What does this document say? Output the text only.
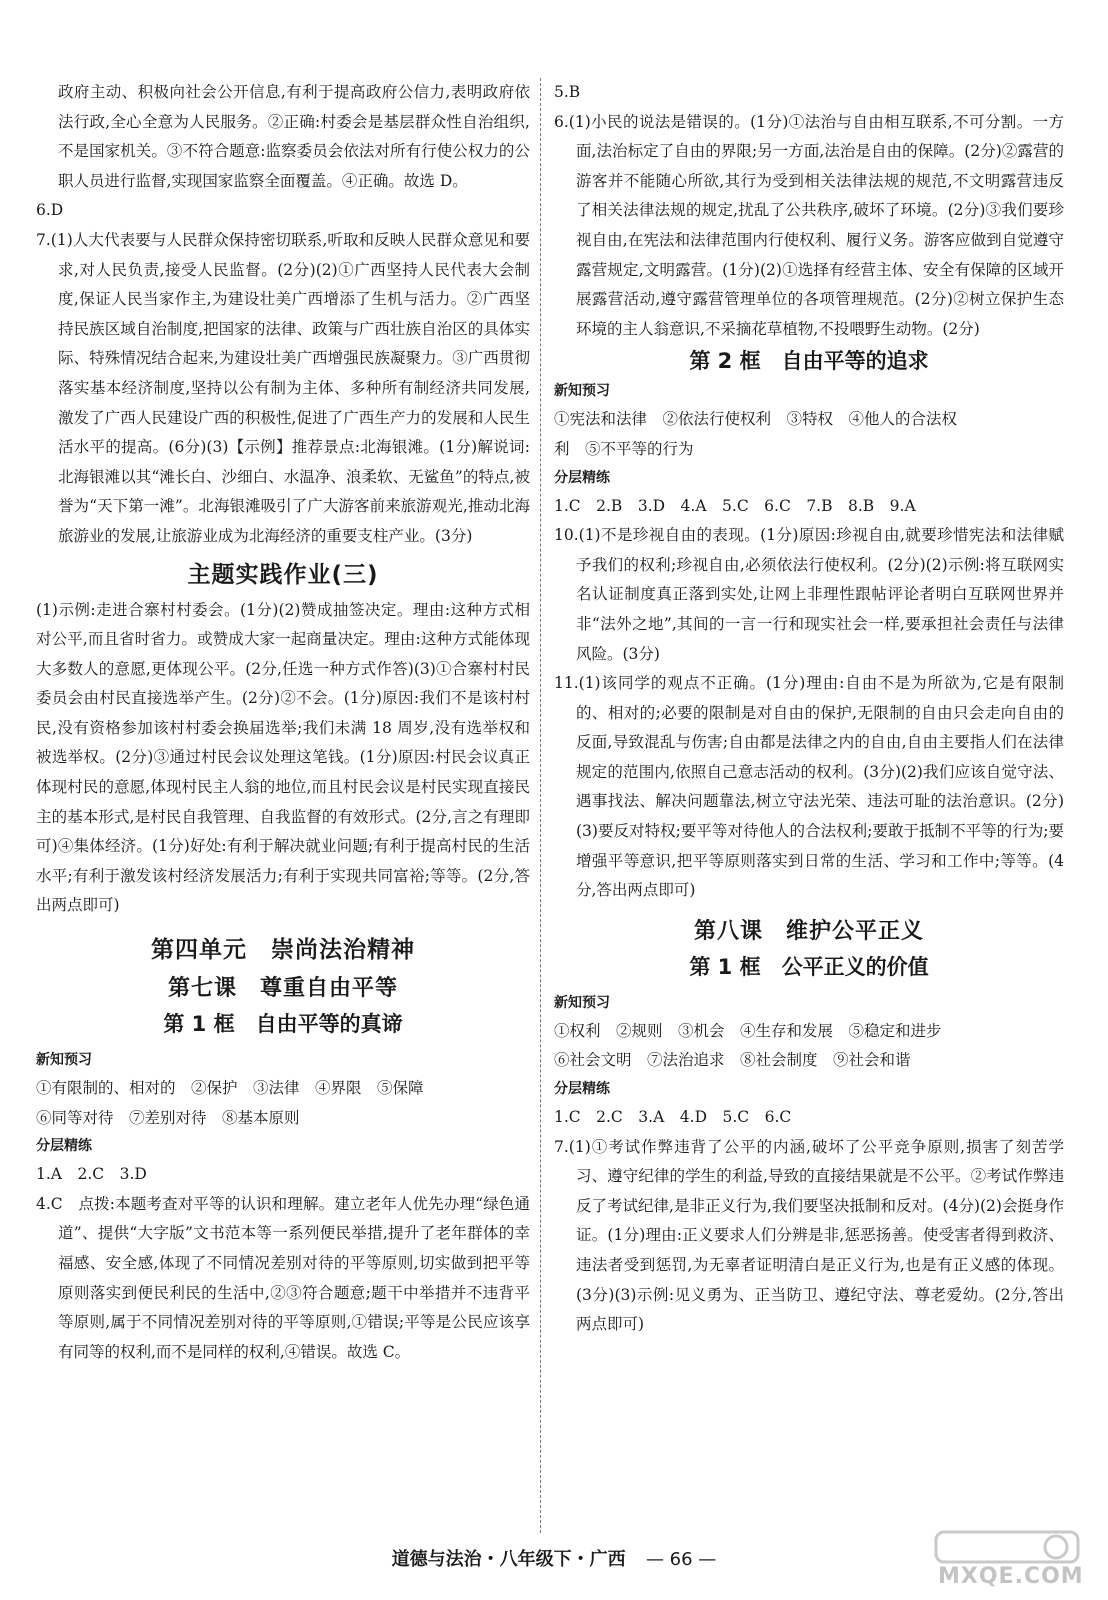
政府主动、积极向社会公开信息,有利于提高政府公信力,表明政府依法行政,全心全意为人民服务。②正确:村委会是基层群众性自治组织,不是国家机关。③不符合题意:监察委员会依法对所有行使公权力的公职人员进行监督,实现国家监察全面覆盖。④正确。故选 D。

6.D

7.(1)人大代表要与人民群众保持密切联系,听取和反映人民群众意见和要求,对人民负责,接受人民监督。(2分)(2)①广西坚持人民代表大会制度,保证人民当家作主,为建设壮美广西增添了生机与活力。②广西坚持民族区域自治制度,把国家的法律、政策与广西壮族自治区的具体实际、特殊情况结合起来,为建设壮美广西增强民族凝聚力。③广西贯彻落实基本经济制度,坚持以公有制为主体、多种所有制经济共同发展,激发了广西人民建设广西的积极性,促进了广西生产力的发展和人民生活水平的提高。(6分)(3)【示例】推荐景点:北海银滩。(1分)解说词:北海银滩以其“滩长白、沙细白、水温净、浪柔软、无鲨鱼”的特点,被誉为“天下第一滩”。北海银滩吸引了广大游客前来旅游观光,推动北海旅游业的发展,让旅游业成为北海经济的重要支柱产业。(3分)

主题实践作业(三)

(1)示例:走进合寨村村委会。(1分)(2)赞成抽签决定。理由:这种方式相对公平,而且省时省力。或赞成大家一起商量决定。理由:这种方式能体现大多数人的意愿,更体现公平。(2分,任选一种方式作答)(3)①合寨村村民委员会由村民直接选举产生。(2分)②不会。(1分)原因:我们不是该村村民,没有资格参加该村村委会换届选举;我们未满 18 周岁,没有选举权和被选举权。(2分)③通过村民会议处理这笔钱。(1分)原因:村民会议真正体现村民的意愿,体现村民主人翁的地位,而且村民会议是村民实现直接民主的基本形式,是村民自我管理、自我监督的有效形式。(2分,言之有理即可)④集体经济。(1分)好处:有利于解决就业问题;有利于提高村民的生活水平;有利于激发该村经济发展活力;有利于实现共同富裕;等等。(2分,答出两点即可)

第四单元　崇尚法治精神
第七课　尊重自由平等
第 1 框　自由平等的真谛
新知预习

①有限制的、相对的　②保护　③法律　④界限　⑤保障

⑥同等对待　⑦差别对待　⑧基本原则

分层精练

1.A　2.C　3.D

4.C　点拨:本题考查对平等的认识和理解。建立老年人优先办理“绿色通道”、提供“大字版”文书范本等一系列便民举措,提升了老年群体的幸福感、安全感,体现了不同情况差别对待的平等原则,切实做到把平等原则落实到便民利民的生活中,②③符合题意;题干中举措并不违背平等原则,属于不同情况差别对待的平等原则,①错误;平等是公民应该享有同等的权利,而不是同样的权利,④错误。故选 C。

5.B

6.(1)小民的说法是错误的。(1分)①法治与自由相互联系,不可分割。一方面,法治标定了自由的界限;另一方面,法治是自由的保障。(2分)②露营的游客并不能随心所欲,其行为受到相关法律法规的规范,不文明露营违反了相关法律法规的规定,扰乱了公共秩序,破坏了环境。(2分)③我们要珍视自由,在宪法和法律范围内行使权利、履行义务。游客应做到自觉遵守露营规定,文明露营。(1分)(2)①选择有经营主体、安全有保障的区域开展露营活动,遵守露营管理单位的各项管理规范。(2分)②树立保护生态环境的主人翁意识,不采摘花草植物,不投喂野生动物。(2分)

第 2 框　自由平等的追求
新知预习

①宪法和法律　②依法行使权利　③特权　④他人的合法权

利　⑤不平等的行为

分层精练

1.C　2.B　3.D　4.A　5.C　6.C　7.B　8.B　9.A

10.(1)不是珍视自由的表现。(1分)原因:珍视自由,就要珍惜宪法和法律赋予我们的权利;珍视自由,必须依法行使权利。(2分)(2)示例:将互联网实名认证制度真正落到实处,让网上非理性跟帖评论者明白互联网世界并非“法外之地”,其间的一言一行和现实社会一样,要承担社会责任与法律风险。(3分)

11.(1)该同学的观点不正确。(1分)理由:自由不是为所欲为,它是有限制的、相对的;必要的限制是对自由的保护,无限制的自由只会走向自由的反面,导致混乱与伤害;自由都是法律之内的自由,自由主要指人们在法律规定的范围内,依照自己意志活动的权利。(3分)(2)我们应该自觉守法、遇事找法、解决问题靠法,树立守法光荣、违法可耻的法治意识。(2分)(3)要反对特权;要平等对待他人的合法权利;要敢于抵制不平等的行为;要增强平等意识,把平等原则落实到日常的生活、学习和工作中;等等。(4分,答出两点即可)

第八课　维护公平正义
第 1 框　公平正义的价值
新知预习

①权利　②规则　③机会　④生存和发展　⑤稳定和进步

⑥社会文明　⑦法治追求　⑧社会制度　⑨社会和谐

分层精练

1.C　2.C　3.A　4.D　5.C　6.C

7.(1)①考试作弊违背了公平的内涵,破坏了公平竞争原则,损害了刻苦学习、遵守纪律的学生的利益,导致的直接结果就是不公平。②考试作弊违反了考试纪律,是非正义行为,我们要坚决抵制和反对。(4分)(2)会挺身作证。(1分)理由:正义要求人们分辨是非,惩恶扬善。使受害者得到救济、违法者受到惩罚,为无辜者证明清白是正义行为,也是有正义感的体现。(3分)(3)示例:见义勇为、正当防卫、遵纪守法、尊老爱幼。(2分,答出两点即可)

道德与法治・八年级下・广西 — 66 —
MXQE.COM
